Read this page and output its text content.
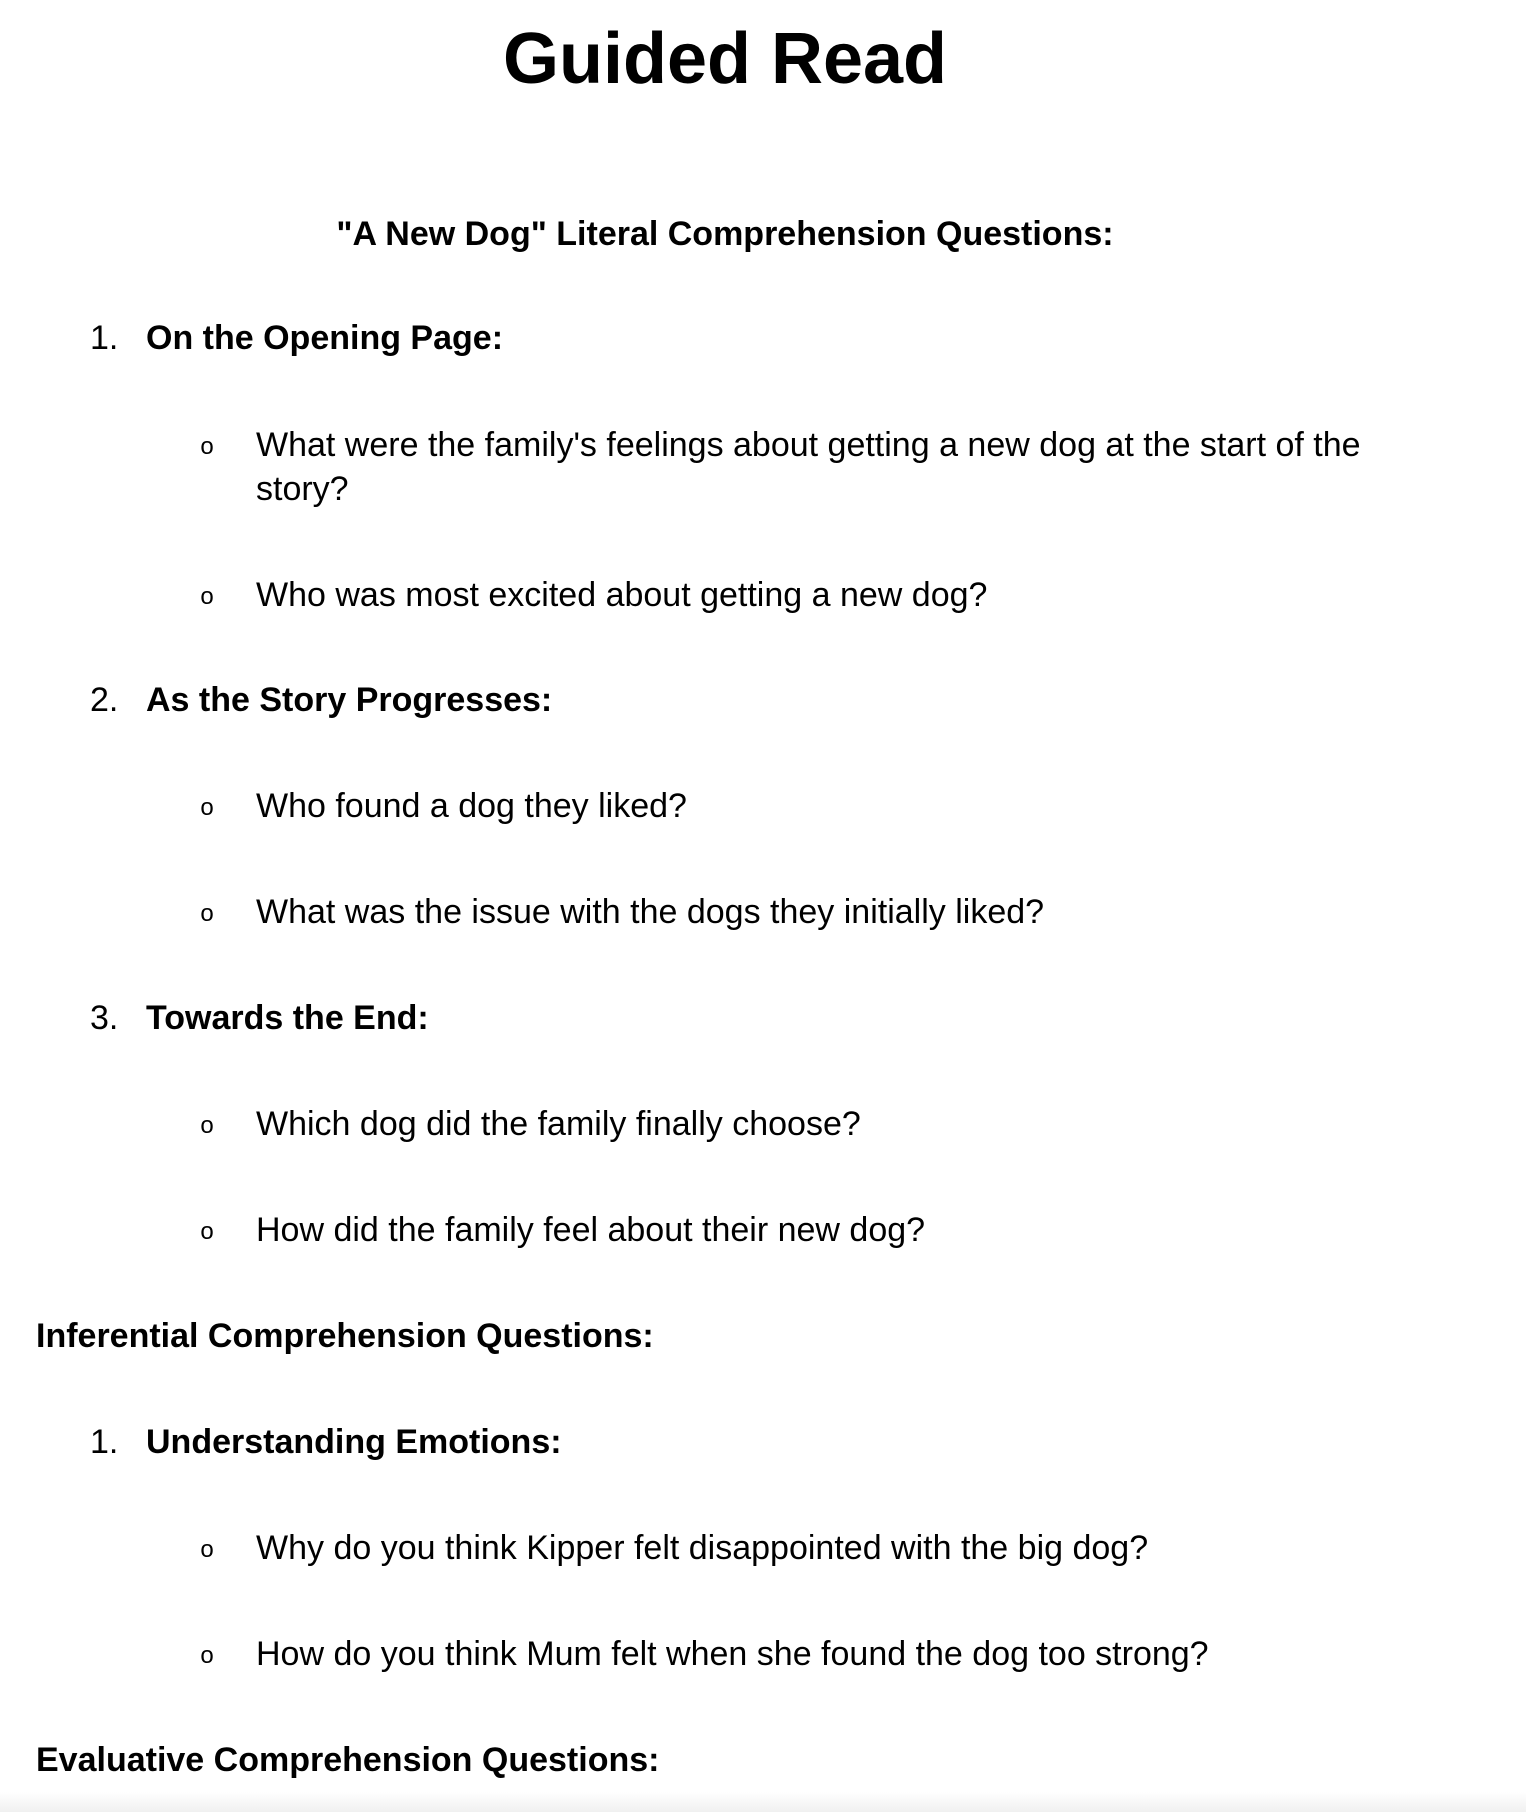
Guided Read
"A New Dog" Literal Comprehension Questions:
1. On the Opening Page:
o What were the family's feelings about getting a new dog at the start of the story?
o Who was most excited about getting a new dog?
2. As the Story Progresses:
o Who found a dog they liked?
o What was the issue with the dogs they initially liked?
3. Towards the End:
o Which dog did the family finally choose?
o How did the family feel about their new dog?
Inferential Comprehension Questions:
1. Understanding Emotions:
o Why do you think Kipper felt disappointed with the big dog?
o How do you think Mum felt when she found the dog too strong?
Evaluative Comprehension Questions:
